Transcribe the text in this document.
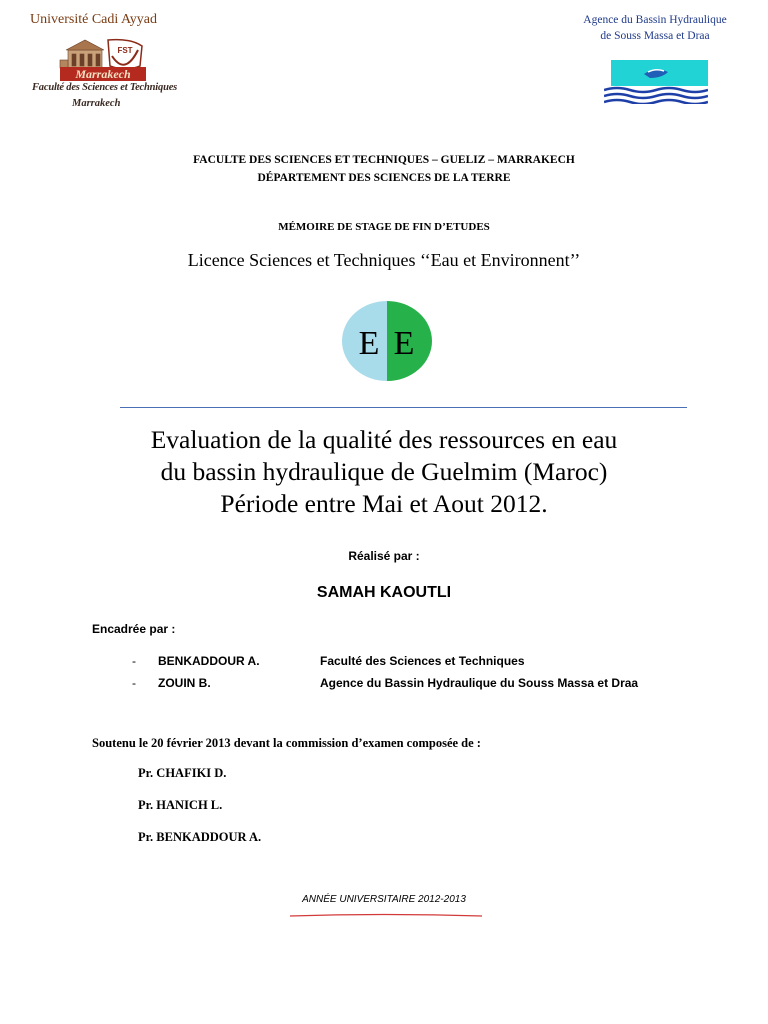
Université Cadi Ayyad
FST
Marrakech
Faculté des Sciences et Techniques
Marrakech
Agence du Bassin Hydraulique
de Souss Massa et Draa
FACULTE DES SCIENCES ET TECHNIQUES – GUELIZ – MARRAKECH
DÉPARTEMENT DES SCIENCES DE LA TERRE
MÉMOIRE DE STAGE DE FIN D’ETUDES
Licence Sciences et Techniques ‘‘Eau et Environnent’’
E E
Evaluation de la qualité des ressources en eau
du bassin hydraulique de Guelmim (Maroc)
Période entre Mai et Aout 2012.
Réalisé par :
SAMAH KAOUTLI
Encadrée par :
- BENKADDOUR A.	Faculté des Sciences et Techniques
- ZOUIN B.	Agence du Bassin Hydraulique du Souss Massa et Draa
Soutenu le 20 février 2013 devant la commission d’examen composée de :
Pr. CHAFIKI D.
Pr. HANICH L.
Pr. BENKADDOUR A.
ANNÉE UNIVERSITAIRE 2012-2013
